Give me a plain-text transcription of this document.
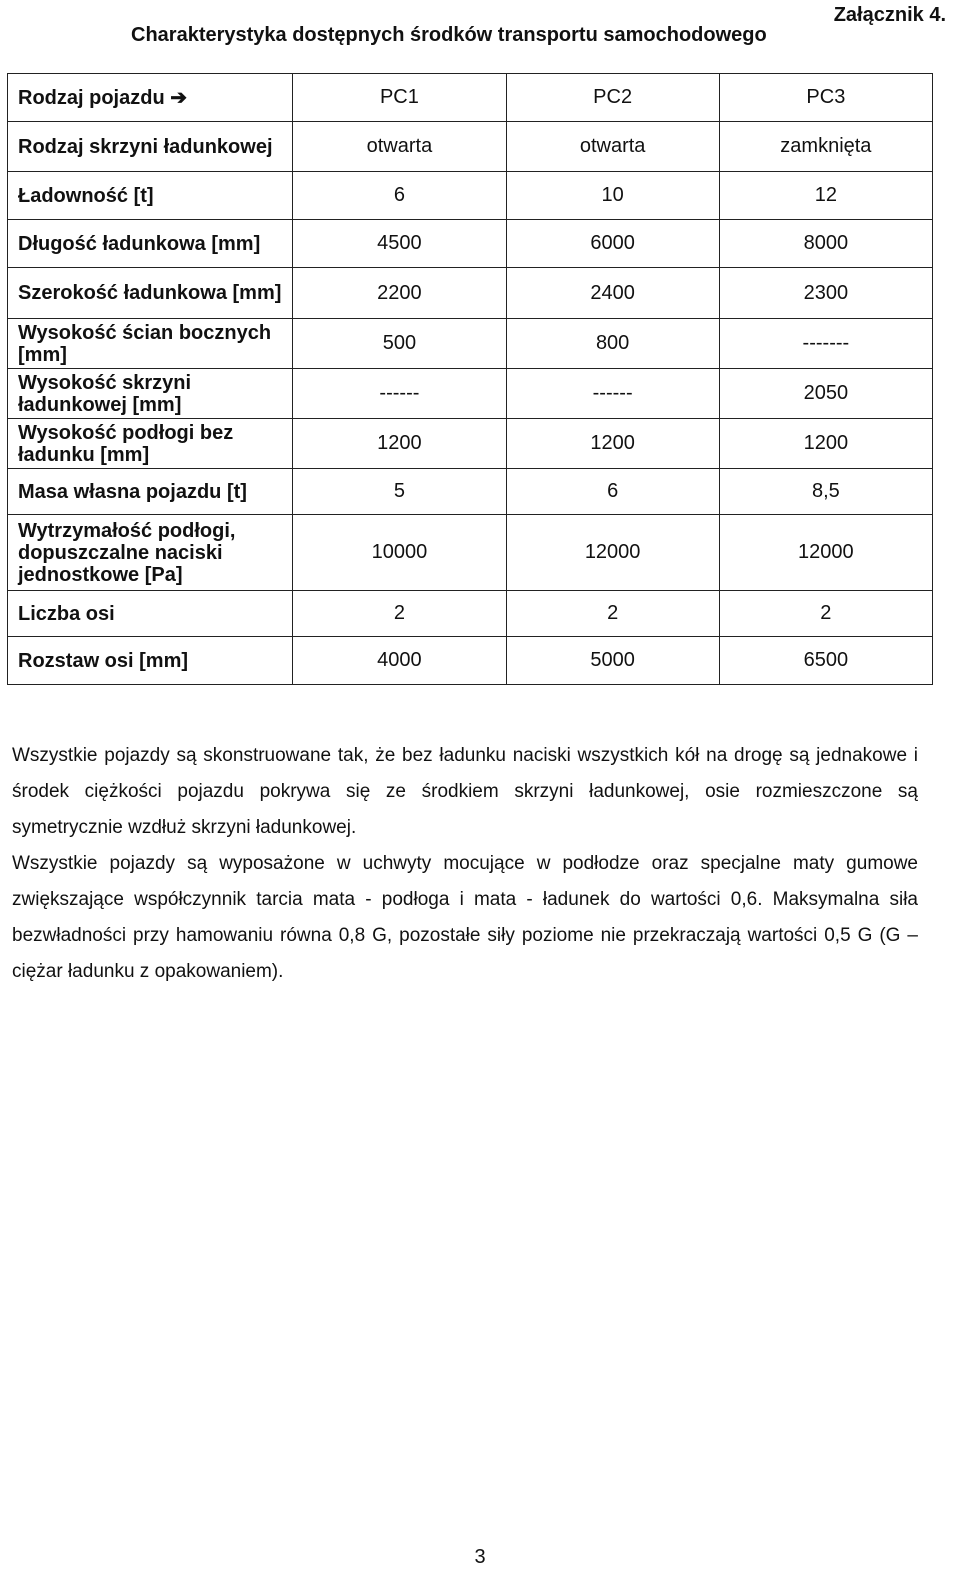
Załącznik 4.
Charakterystyka dostępnych środków transportu samochodowego
Rodzaj pojazdu ➔	PC1	PC2	PC3
Rodzaj skrzyni ładunkowej	otwarta	otwarta	zamknięta
Ładowność [t]	6	10	12
Długość ładunkowa [mm]	4500	6000	8000
Szerokość ładunkowa [mm]	2200	2400	2300
Wysokość ścian bocznych [mm]	500	800	-------
Wysokość skrzyni ładunkowej [mm]	------	------	2050
Wysokość podłogi bez ładunku [mm]	1200	1200	1200
Masa własna pojazdu [t]	5	6	8,5
Wytrzymałość podłogi, dopuszczalne naciski jednostkowe [Pa]	10000	12000	12000
Liczba osi	2	2	2
Rozstaw osi [mm]	4000	5000	6500

Wszystkie pojazdy są skonstruowane tak, że bez ładunku naciski wszystkich kół na drogę są jednakowe i środek ciężkości pojazdu pokrywa się ze środkiem skrzyni ładunkowej, osie rozmieszczone są symetrycznie wzdłuż skrzyni ładunkowej.

Wszystkie pojazdy są wyposażone w uchwyty mocujące w podłodze oraz specjalne maty gumowe zwiększające współczynnik tarcia mata - podłoga i mata - ładunek do wartości 0,6. Maksymalna siła bezwładności przy hamowaniu równa 0,8 G, pozostałe siły poziome nie przekraczają wartości 0,5 G (G – ciężar ładunku z opakowaniem).

3
